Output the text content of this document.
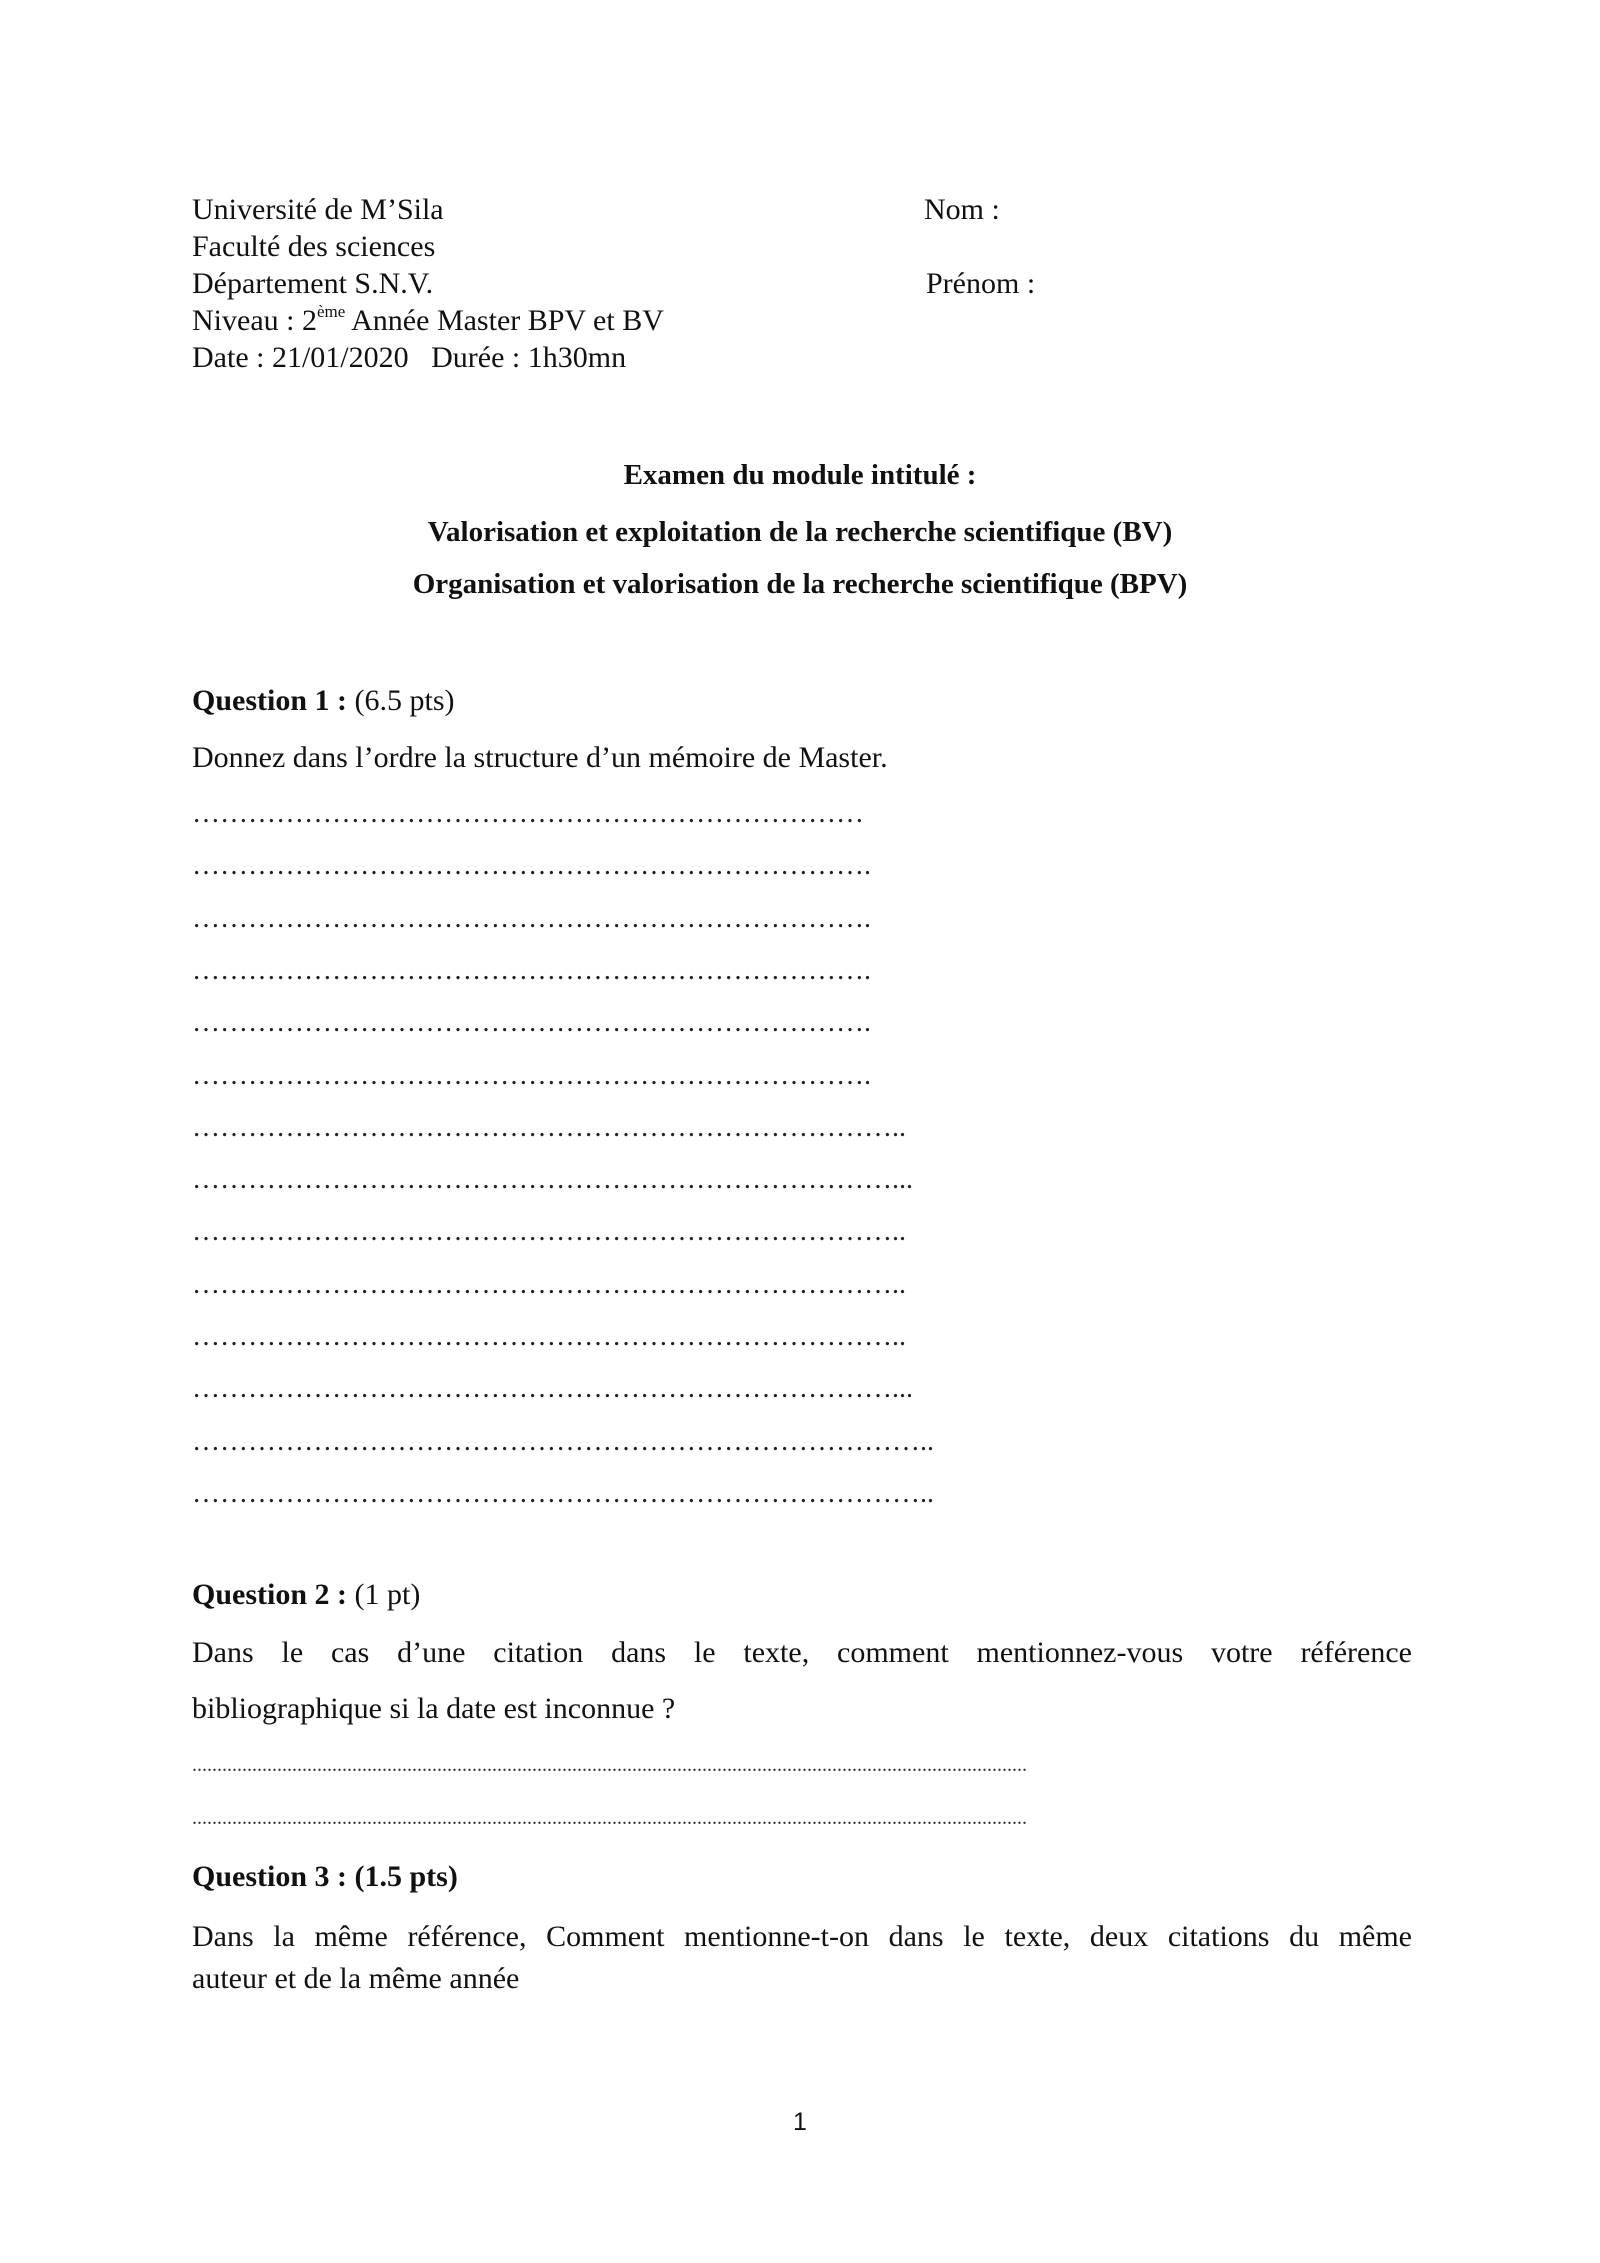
Université de M’Sila
Faculté des sciences
Département S.N.V.
Niveau : 2ème Année Master BPV et BV
Date : 21/01/2020   Durée : 1h30mn
Nom :
Prénom :
Examen du module intitulé :
Valorisation et exploitation de la recherche scientifique (BV)
Organisation et valorisation de la recherche scientifique (BPV)
Question 1 : (6.5 pts)
Donnez dans l’ordre la structure d’un mémoire de Master.
………………………………………………………………
……………………………………………………………….
……………………………………………………………….
……………………………………………………………….
……………………………………………………………….
……………………………………………………………….
…………………………………………………………………..
…………………………………………………………………...
…………………………………………………………………..
…………………………………………………………………..
…………………………………………………………………..
…………………………………………………………………...
……………………………………………………………………..
……………………………………………………………………..
Question 2 : (1 pt)
Dans le cas d’une citation dans le texte, comment mentionnez-vous votre référence
bibliographique si la date est inconnue ?
.......................................................................................................................................................................
.......................................................................................................................................................................
Question 3 : (1.5 pts)
Dans la même référence, Comment mentionne-t-on dans le texte, deux citations du même
auteur et de la même année
1
